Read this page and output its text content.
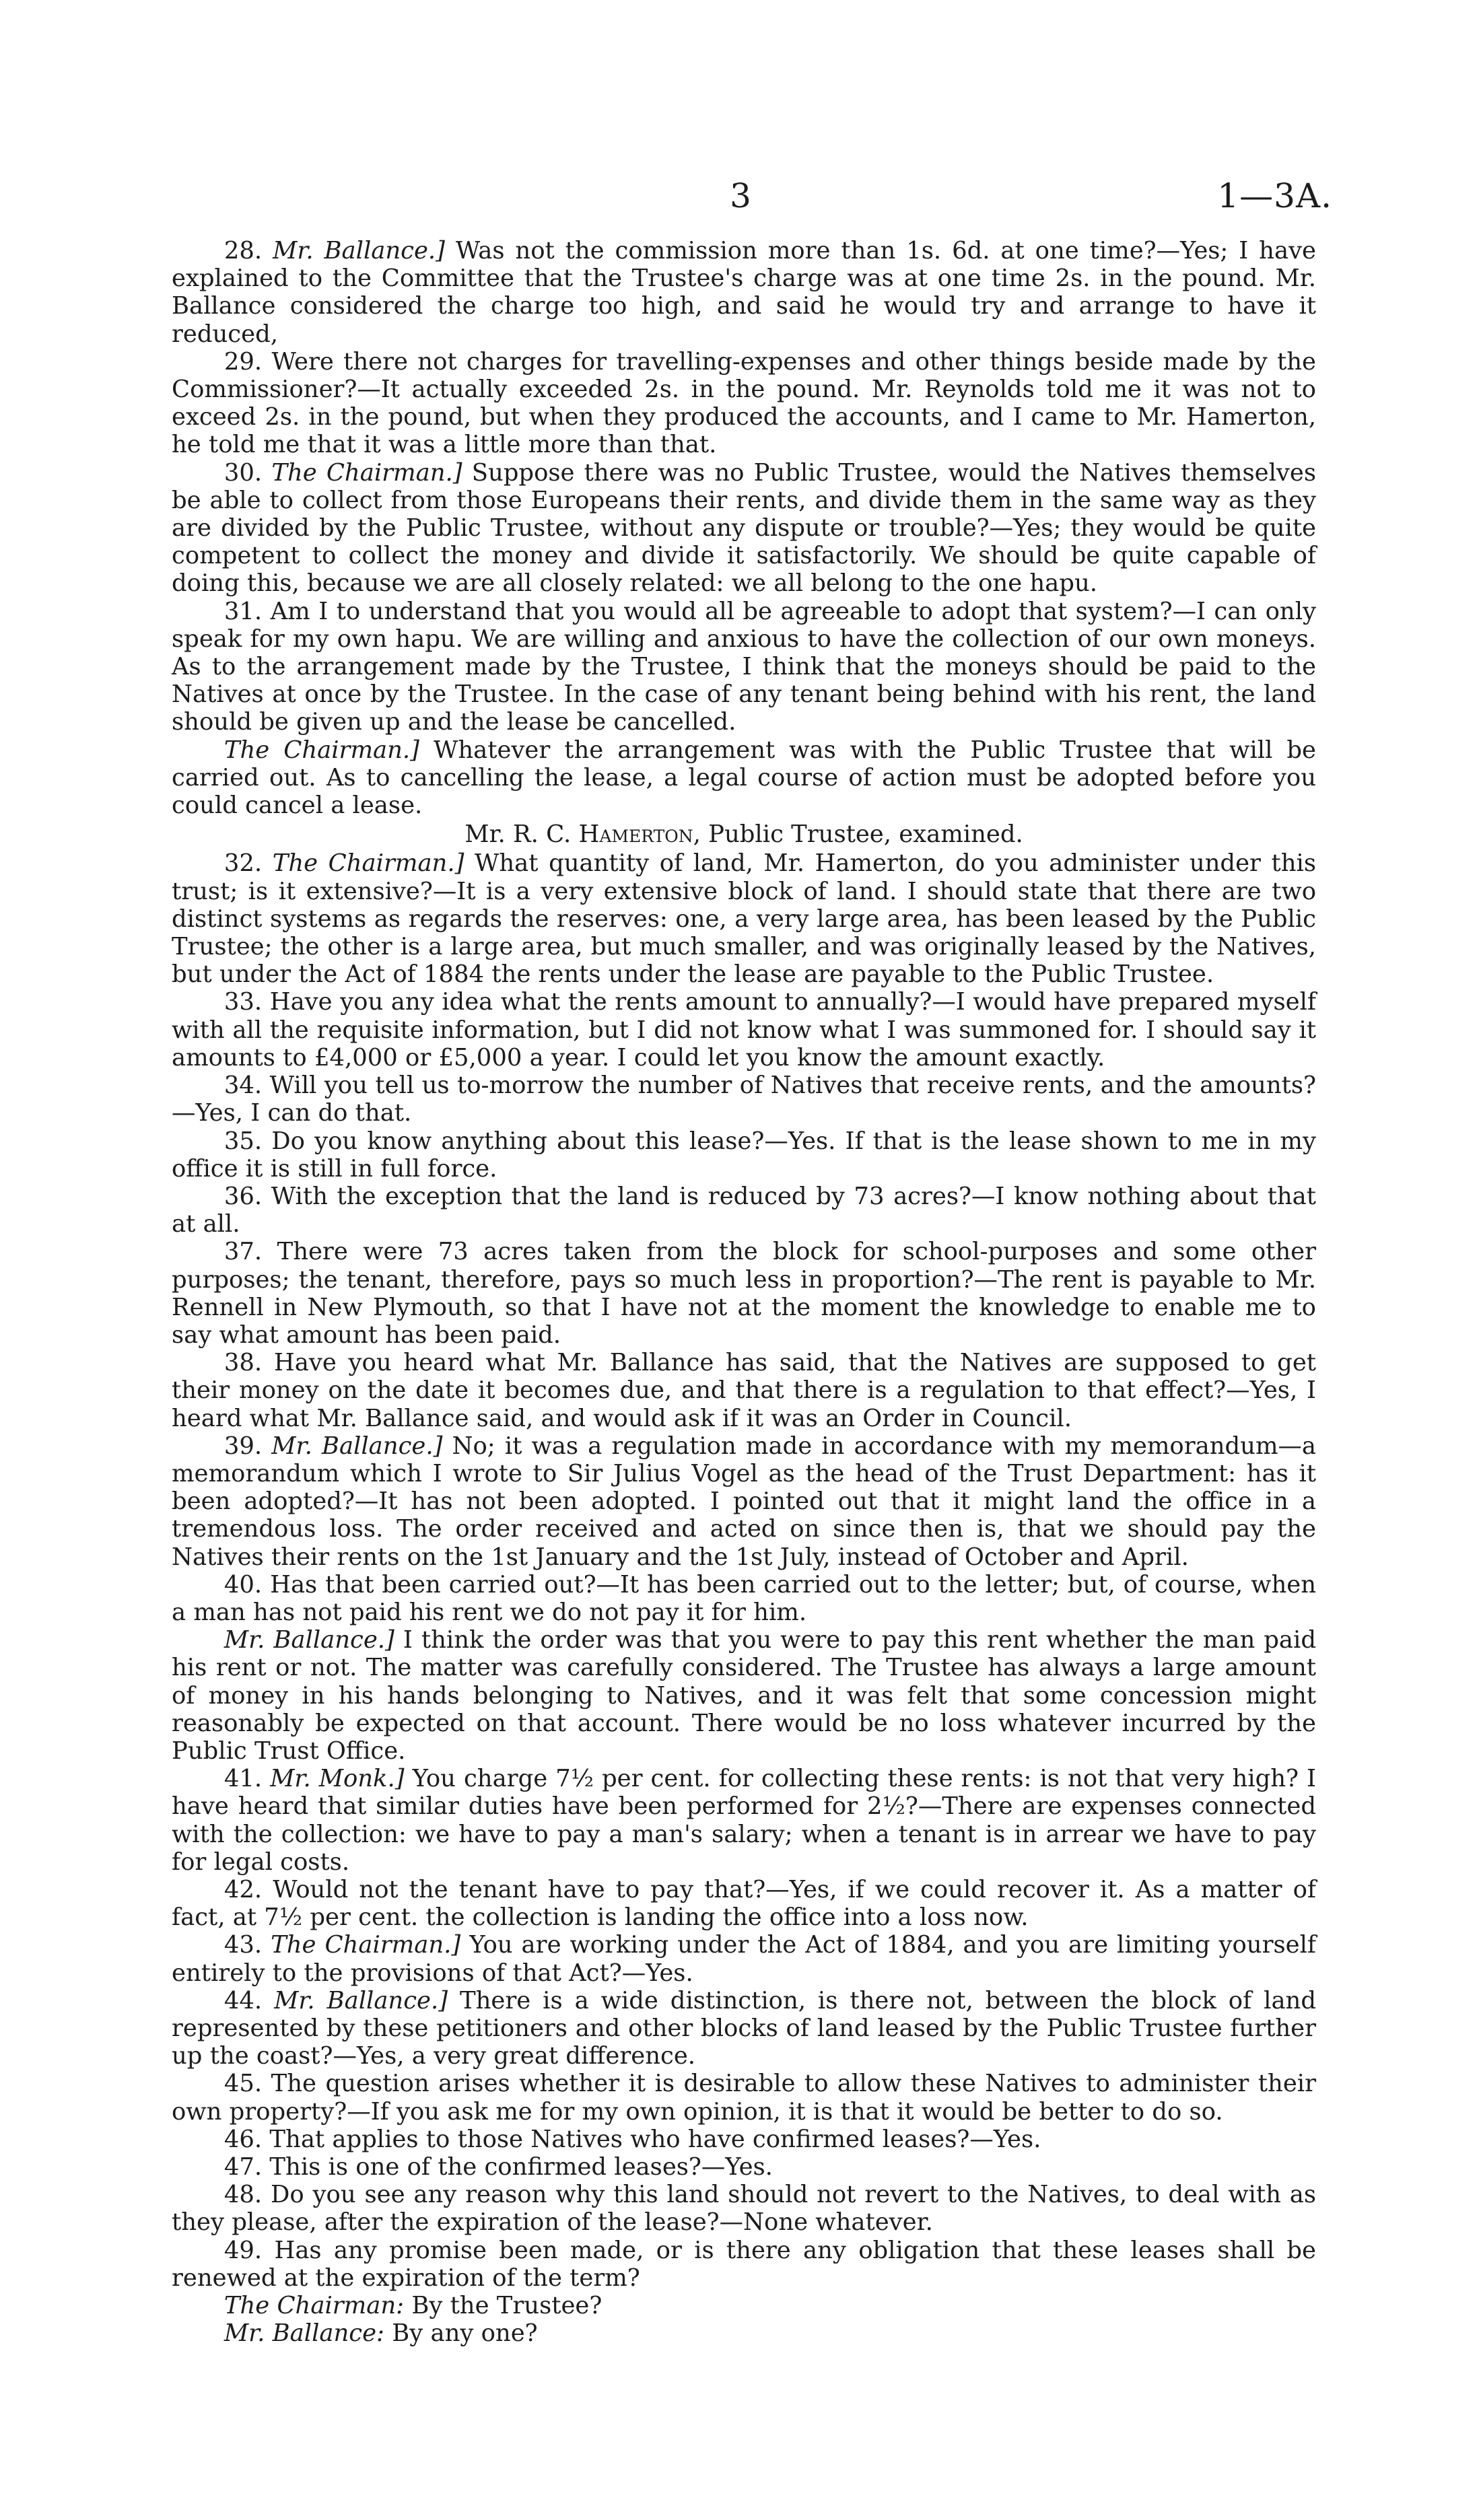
3	1—3A.

28. Mr. Ballance.] Was not the commission more than 1s. 6d. at one time?—Yes; I have explained to the Committee that the Trustee's charge was at one time 2s. in the pound. Mr. Ballance considered the charge too high, and said he would try and arrange to have it reduced,

29. Were there not charges for travelling-expenses and other things beside made by the Commissioner?—It actually exceeded 2s. in the pound. Mr. Reynolds told me it was not to exceed 2s. in the pound, but when they produced the accounts, and I came to Mr. Hamerton, he told me that it was a little more than that.

30. The Chairman.] Suppose there was no Public Trustee, would the Natives themselves be able to collect from those Europeans their rents, and divide them in the same way as they are divided by the Public Trustee, without any dispute or trouble?—Yes; they would be quite competent to collect the money and divide it satisfactorily. We should be quite capable of doing this, because we are all closely related: we all belong to the one hapu.

31. Am I to understand that you would all be agreeable to adopt that system?—I can only speak for my own hapu. We are willing and anxious to have the collection of our own moneys. As to the arrangement made by the Trustee, I think that the moneys should be paid to the Natives at once by the Trustee. In the case of any tenant being behind with his rent, the land should be given up and the lease be cancelled.

The Chairman.] Whatever the arrangement was with the Public Trustee that will be carried out. As to cancelling the lease, a legal course of action must be adopted before you could cancel a lease.

Mr. R. C. Hamerton, Public Trustee, examined.

32. The Chairman.] What quantity of land, Mr. Hamerton, do you administer under this trust; is it extensive?—It is a very extensive block of land. I should state that there are two distinct systems as regards the reserves: one, a very large area, has been leased by the Public Trustee; the other is a large area, but much smaller, and was originally leased by the Natives, but under the Act of 1884 the rents under the lease are payable to the Public Trustee.

33. Have you any idea what the rents amount to annually?—I would have prepared myself with all the requisite information, but I did not know what I was summoned for. I should say it amounts to £4,000 or £5,000 a year. I could let you know the amount exactly.

34. Will you tell us to-morrow the number of Natives that receive rents, and the amounts?—Yes, I can do that.

35. Do you know anything about this lease?—Yes. If that is the lease shown to me in my office it is still in full force.

36. With the exception that the land is reduced by 73 acres?—I know nothing about that at all.

37. There were 73 acres taken from the block for school-purposes and some other purposes; the tenant, therefore, pays so much less in proportion?—The rent is payable to Mr. Rennell in New Plymouth, so that I have not at the moment the knowledge to enable me to say what amount has been paid.

38. Have you heard what Mr. Ballance has said, that the Natives are supposed to get their money on the date it becomes due, and that there is a regulation to that effect?—Yes, I heard what Mr. Ballance said, and would ask if it was an Order in Council.

39. Mr. Ballance.] No; it was a regulation made in accordance with my memorandum—a memorandum which I wrote to Sir Julius Vogel as the head of the Trust Department: has it been adopted?—It has not been adopted. I pointed out that it might land the office in a tremendous loss. The order received and acted on since then is, that we should pay the Natives their rents on the 1st January and the 1st July, instead of October and April.

40. Has that been carried out?—It has been carried out to the letter; but, of course, when a man has not paid his rent we do not pay it for him.

Mr. Ballance.] I think the order was that you were to pay this rent whether the man paid his rent or not. The matter was carefully considered. The Trustee has always a large amount of money in his hands belonging to Natives, and it was felt that some concession might reasonably be expected on that account. There would be no loss whatever incurred by the Public Trust Office.

41. Mr. Monk.] You charge 7½ per cent. for collecting these rents: is not that very high? I have heard that similar duties have been performed for 2½?—There are expenses connected with the collection: we have to pay a man's salary; when a tenant is in arrear we have to pay for legal costs.

42. Would not the tenant have to pay that?—Yes, if we could recover it. As a matter of fact, at 7½ per cent. the collection is landing the office into a loss now.

43. The Chairman.] You are working under the Act of 1884, and you are limiting yourself entirely to the provisions of that Act?—Yes.

44. Mr. Ballance.] There is a wide distinction, is there not, between the block of land represented by these petitioners and other blocks of land leased by the Public Trustee further up the coast?—Yes, a very great difference.

45. The question arises whether it is desirable to allow these Natives to administer their own property?—If you ask me for my own opinion, it is that it would be better to do so.

46. That applies to those Natives who have confirmed leases?—Yes.

47. This is one of the confirmed leases?—Yes.

48. Do you see any reason why this land should not revert to the Natives, to deal with as they please, after the expiration of the lease?—None whatever.

49. Has any promise been made, or is there any obligation that these leases shall be renewed at the expiration of the term?

The Chairman: By the Trustee?

Mr. Ballance: By any one?
